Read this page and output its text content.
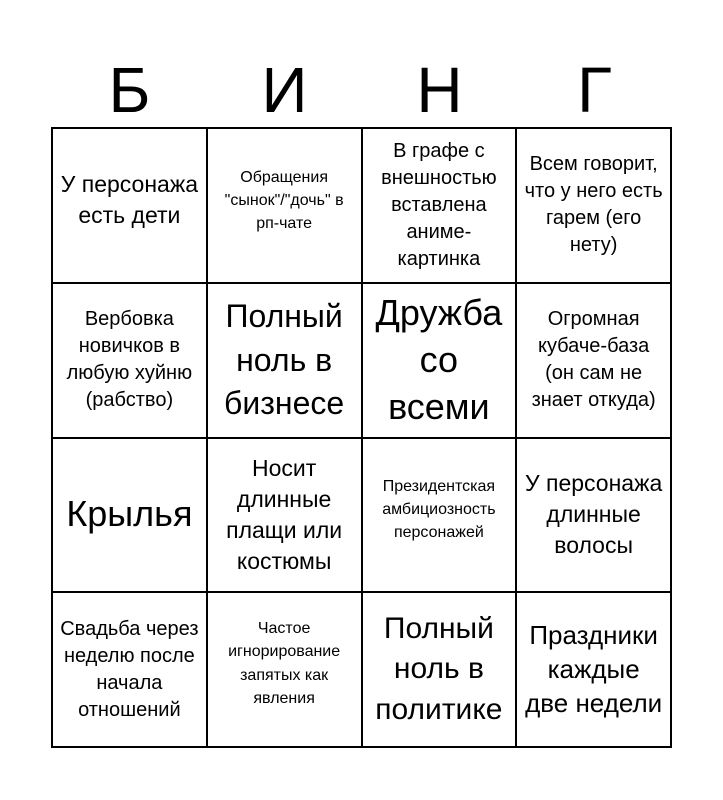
Б	И	Н	Г
У персонажа есть дети
Обращения "сынок"/"дочь" в рп-чате
В графе с внешностью вставлена аниме-картинка
Всем говорит, что у него есть гарем (его нету)
Вербовка новичков в любую хуйню (рабство)
Полный ноль в бизнесе
Дружба со всеми
Огромная кубаче-база (он сам не знает откуда)
Крылья
Носит длинные плащи или костюмы
Президентская амбициозность персонажей
У персонажа длинные волосы
Свадьба через неделю после начала отношений
Частое игнорирование запятых как явления
Полный ноль в политике
Праздники каждые две недели
